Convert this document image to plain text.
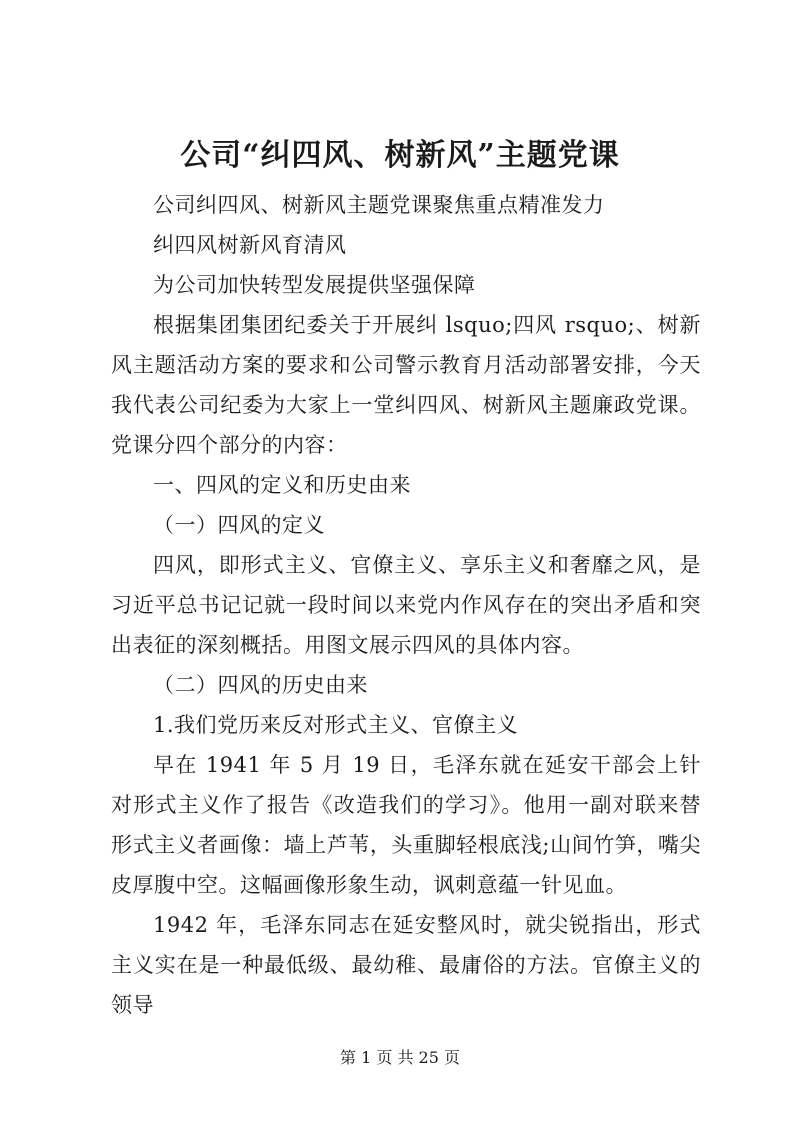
公司“纠四风、树新风”主题党课

公司纠四风、树新风主题党课聚焦重点精准发力

纠四风树新风育清风

为公司加快转型发展提供坚强保障

根据集团集团纪委关于开展纠 lsquo;四风 rsquo;、树新风主题活动方案的要求和公司警示教育月活动部署安排，今天我代表公司纪委为大家上一堂纠四风、树新风主题廉政党课。党课分四个部分的内容：

一、四风的定义和历史由来

（一）四风的定义

四风，即形式主义、官僚主义、享乐主义和奢靡之风，是习近平总书记记就一段时间以来党内作风存在的突出矛盾和突出表征的深刻概括。用图文展示四风的具体内容。

（二）四风的历史由来

1.我们党历来反对形式主义、官僚主义

早在 1941 年 5 月 19 日，毛泽东就在延安干部会上针对形式主义作了报告《改造我们的学习》。他用一副对联来替形式主义者画像：墙上芦苇，头重脚轻根底浅;山间竹笋，嘴尖皮厚腹中空。这幅画像形象生动，讽刺意蕴一针见血。

1942 年，毛泽东同志在延安整风时，就尖锐指出，形式主义实在是一种最低级、最幼稚、最庸俗的方法。官僚主义的领导

第 1 页 共 25 页
